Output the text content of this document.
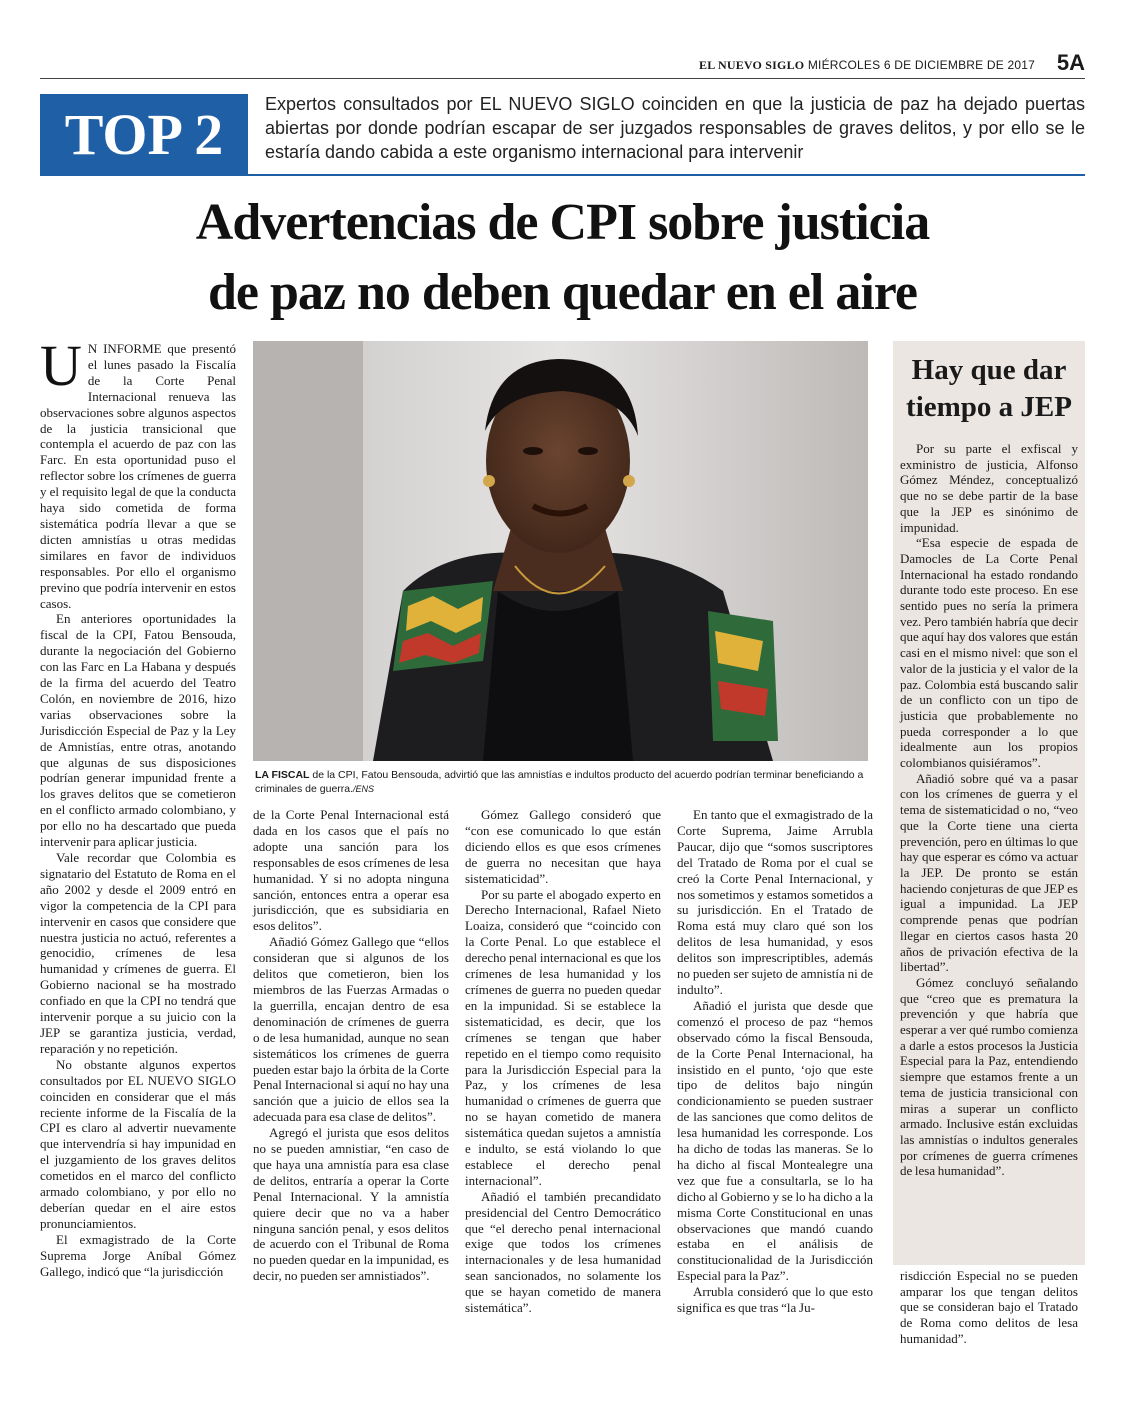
EL NUEVO SIGLO MIÉRCOLES 6 DE DICIEMBRE DE 2017 5A
TOP 2	Expertos consultados por EL NUEVO SIGLO coinciden en que la justicia de paz ha dejado puertas abiertas por donde podrían escapar de ser juzgados responsables de graves delitos, y por ello se le estaría dando cabida a este organismo internacional para intervenir
Advertencias de CPI sobre justicia
de paz no deben quedar en el aire

U N INFORME que presentó el lunes pasado la Fiscalía de la Corte Penal Internacional renueva las observaciones sobre algunos aspectos de la justicia transicional que contempla el acuerdo de paz con las Farc. En esta oportunidad puso el reflector sobre los crímenes de guerra y el requisito legal de que la conducta haya sido cometida de forma sistemática podría llevar a que se dicten amnistías u otras medidas similares en favor de individuos responsables. Por ello el organismo previno que podría intervenir en estos casos.

En anteriores oportunidades la fiscal de la CPI, Fatou Bensouda, durante la negociación del Gobierno con las Farc en La Habana y después de la firma del acuerdo del Teatro Colón, en noviembre de 2016, hizo varias observaciones sobre la Jurisdicción Especial de Paz y la Ley de Amnistías, entre otras, anotando que algunas de sus disposiciones podrían generar impunidad frente a los graves delitos que se cometieron en el conflicto armado colombiano, y por ello no ha descartado que pueda intervenir para aplicar justicia.

Vale recordar que Colombia es signatario del Estatuto de Roma en el año 2002 y desde el 2009 entró en vigor la competencia de la CPI para intervenir en casos que considere que nuestra justicia no actuó, referentes a genocidio, crímenes de lesa humanidad y crímenes de guerra. El Gobierno nacional se ha mostrado confiado en que la CPI no tendrá que intervenir porque a su juicio con la JEP se garantiza justicia, verdad, reparación y no repetición.

No obstante algunos expertos consultados por EL NUEVO SIGLO coinciden en considerar que el más reciente informe de la Fiscalía de la CPI es claro al advertir nuevamente que intervendría si hay impunidad en el juzgamiento de los graves delitos cometidos en el marco del conflicto armado colombiano, y por ello no deberían quedar en el aire estos pronunciamientos.

El exmagistrado de la Corte Suprema Jorge Aníbal Gómez Gallego, indicó que “la jurisdicción

LA FISCAL de la CPI, Fatou Bensouda, advirtió que las amnistías e indultos producto del acuerdo podrían terminar beneficiando a criminales de guerra./ENS

de la Corte Penal Internacional está dada en los casos que el país no adopte una sanción para los responsables de esos crímenes de lesa humanidad. Y si no adopta ninguna sanción, entonces entra a operar esa jurisdicción, que es subsidiaria en esos delitos”.

Añadió Gómez Gallego que “ellos consideran que si algunos de los delitos que cometieron, bien los miembros de las Fuerzas Armadas o la guerrilla, encajan dentro de esa denominación de crímenes de guerra o de lesa humanidad, aunque no sean sistemáticos los crímenes de guerra pueden estar bajo la órbita de la Corte Penal Internacional si aquí no hay una sanción que a juicio de ellos sea la adecuada para esa clase de delitos”.

Agregó el jurista que esos delitos no se pueden amnistiar, “en caso de que haya una amnistía para esa clase de delitos, entraría a operar la Corte Penal Internacional. Y la amnistía quiere decir que no va a haber ninguna sanción penal, y esos delitos de acuerdo con el Tribunal de Roma no pueden quedar en la impunidad, es decir, no pueden ser amnistiados”.

Gómez Gallego consideró que “con ese comunicado lo que están diciendo ellos es que esos crímenes de guerra no necesitan que haya sistematicidad”.

Por su parte el abogado experto en Derecho Internacional, Rafael Nieto Loaiza, consideró que “coincido con la Corte Penal. Lo que establece el derecho penal internacional es que los crímenes de lesa humanidad y los crímenes de guerra no pueden quedar en la impunidad. Si se establece la sistematicidad, es decir, que los crímenes se tengan que haber repetido en el tiempo como requisito para la Jurisdicción Especial para la Paz, y los crímenes de lesa humanidad o crímenes de guerra que no se hayan cometido de manera sistemática quedan sujetos a amnistía e indulto, se está violando lo que establece el derecho penal internacional”.

Añadió el también precandidato presidencial del Centro Democrático que “el derecho penal internacional exige que todos los crímenes internacionales y de lesa humanidad sean sancionados, no solamente los que se hayan cometido de manera sistemática”.

En tanto que el exmagistrado de la Corte Suprema, Jaime Arrubla Paucar, dijo que “somos suscriptores del Tratado de Roma por el cual se creó la Corte Penal Internacional, y nos sometimos y estamos sometidos a su jurisdicción. En el Tratado de Roma está muy claro qué son los delitos de lesa humanidad, y esos delitos son imprescriptibles, además no pueden ser sujeto de amnistía ni de indulto”.

Añadió el jurista que desde que comenzó el proceso de paz “hemos observado cómo la fiscal Bensouda, de la Corte Penal Internacional, ha insistido en el punto, ‘ojo que este tipo de delitos bajo ningún condicionamiento se pueden sustraer de las sanciones que como delitos de lesa humanidad les corresponde. Los ha dicho de todas las maneras. Se lo ha dicho al fiscal Montealegre una vez que fue a consultarla, se lo ha dicho al Gobierno y se lo ha dicho a la misma Corte Constitucional en unas observaciones que mandó cuando estaba en el análisis de constitucionalidad de la Jurisdicción Especial para la Paz”.

Arrubla consideró que lo que esto significa es que tras “la Ju-

Hay que dar
tiempo a JEP

Por su parte el exfiscal y exministro de justicia, Alfonso Gómez Méndez, conceptualizó que no se debe partir de la base que la JEP es sinónimo de impunidad.

“Esa especie de espada de Damocles de La Corte Penal Internacional ha estado rondando durante todo este proceso. En ese sentido pues no sería la primera vez. Pero también habría que decir que aquí hay dos valores que están casi en el mismo nivel: que son el valor de la justicia y el valor de la paz. Colombia está buscando salir de un conflicto con un tipo de justicia que probablemente no pueda corresponder a lo que idealmente aun los propios colombianos quisiéramos”.

Añadió sobre qué va a pasar con los crímenes de guerra y el tema de sistematicidad o no, “veo que la Corte tiene una cierta prevención, pero en últimas lo que hay que esperar es cómo va actuar la JEP. De pronto se están haciendo conjeturas de que JEP es igual a impunidad. La JEP comprende penas que podrían llegar en ciertos casos hasta 20 años de privación efectiva de la libertad”.

Gómez concluyó señalando que “creo que es prematura la prevención y que habría que esperar a ver qué rumbo comienza a darle a estos procesos la Justicia Especial para la Paz, entendiendo siempre que estamos frente a un tema de justicia transicional con miras a superar un conflicto armado. Inclusive están excluidas las amnistías o indultos generales por crímenes de guerra crímenes de lesa humanidad”.

risdicción Especial no se pueden amparar los que tengan delitos que se consideran bajo el Tratado de Roma como delitos de lesa humanidad”.
